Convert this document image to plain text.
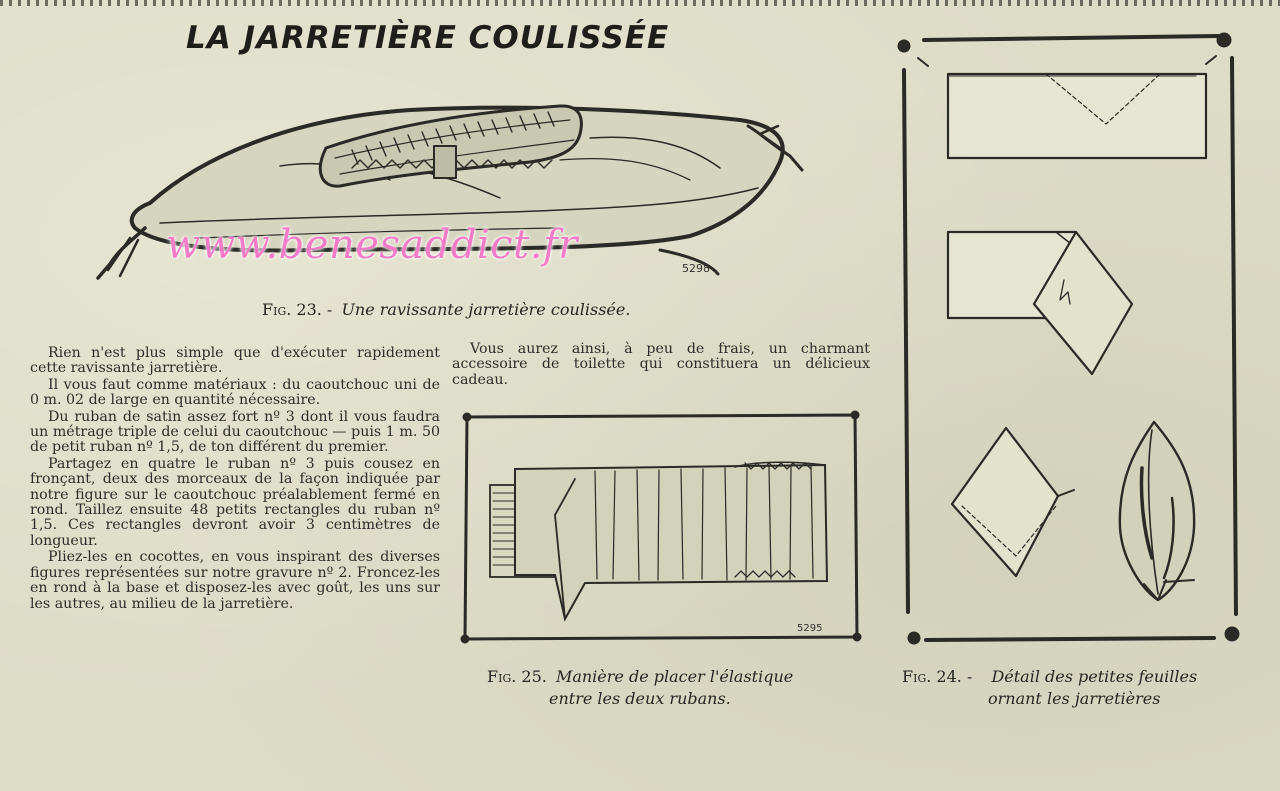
LA JARRETIÈRE COULISSÉE
5298
www.benesaddict.fr
Fig. 23. - Une ravissante jarretière coulissée.

Rien n'est plus simple que d'exécuter rapidement cette ravissante jarretière.

Il vous faut comme matériaux : du caoutchouc uni de 0 m. 02 de large en quantité nécessaire.

Du ruban de satin assez fort nº 3 dont il vous faudra un métrage triple de celui du caoutchouc — puis 1 m. 50 de petit ruban nº 1,5, de ton différent du premier.

Partagez en quatre le ruban nº 3 puis cousez en fronçant, deux des morceaux de la façon indiquée par notre figure sur le caoutchouc préalablement fermé en rond. Taillez ensuite 48 petits rectangles du ruban nº 1,5. Ces rectangles devront avoir 3 centimètres de longueur.

Pliez-les en cocottes, en vous inspirant des diverses figures représentées sur notre gravure nº 2. Froncez-les en rond à la base et disposez-les avec goût, les uns sur les autres, au milieu de la jarretière.

Vous aurez ainsi, à peu de frais, un charmant accessoire de toilette qui constituera un délicieux cadeau.

5295
Fig. 25. Manière de placer l'élastique
entre les deux rubans.
Fig. 24. - Détail des petites feuilles
ornant les jarretières
